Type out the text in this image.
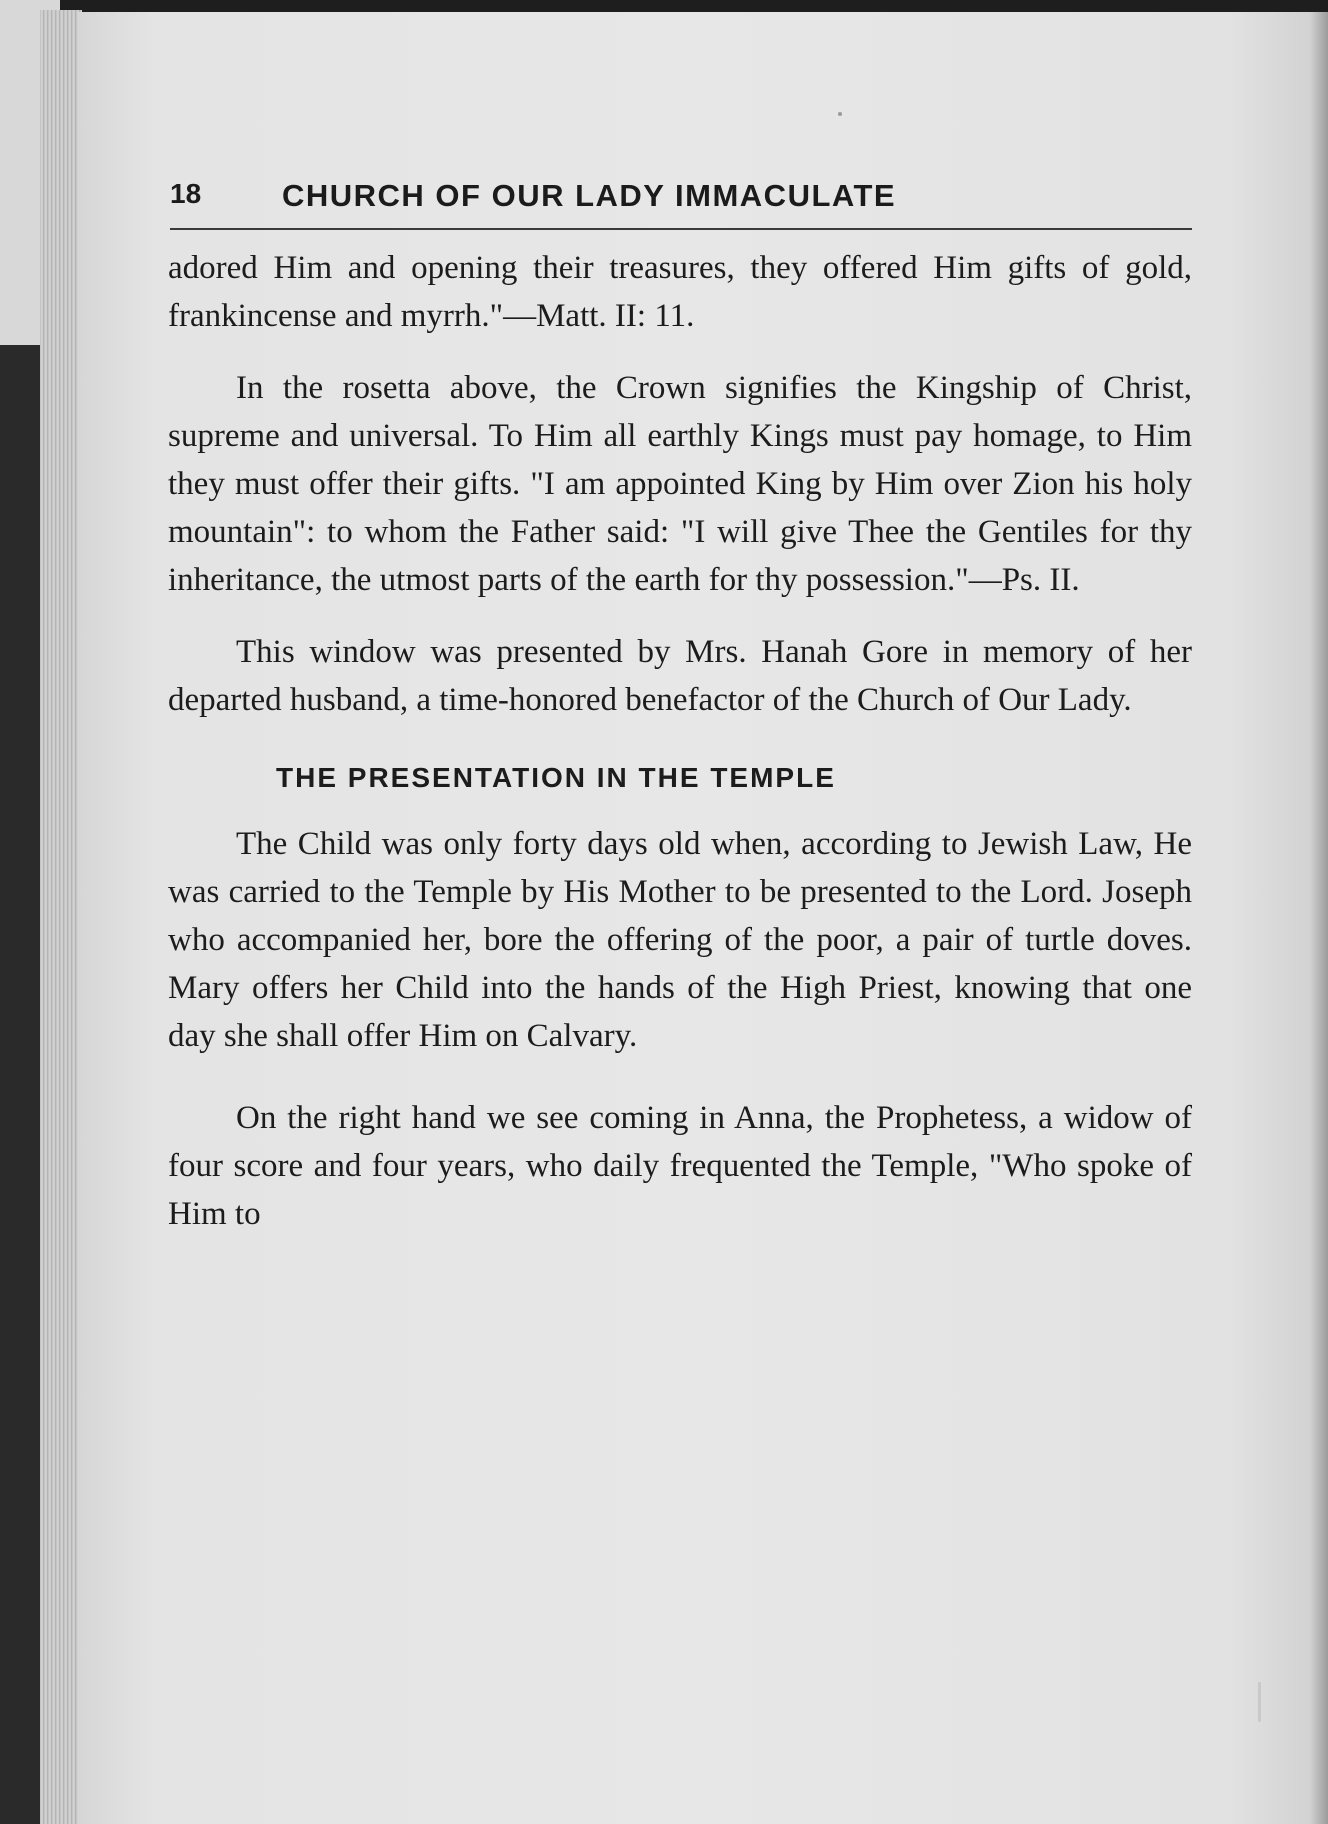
18	CHURCH OF OUR LADY IMMACULATE

adored Him and opening their treasures, they offered Him gifts of gold, frankincense and myrrh."—Matt. II: 11.

In the rosetta above, the Crown signifies the Kingship of Christ, supreme and universal. To Him all earthly Kings must pay homage, to Him they must offer their gifts. "I am appointed King by Him over Zion his holy mountain": to whom the Father said: "I will give Thee the Gentiles for thy inheritance, the utmost parts of the earth for thy possession."—Ps. II.

This window was presented by Mrs. Hanah Gore in memory of her departed husband, a time-honored benefactor of the Church of Our Lady.

THE PRESENTATION IN THE TEMPLE

The Child was only forty days old when, according to Jewish Law, He was carried to the Temple by His Mother to be presented to the Lord. Joseph who accompanied her, bore the offering of the poor, a pair of turtle doves. Mary offers her Child into the hands of the High Priest, knowing that one day she shall offer Him on Calvary.

On the right hand we see coming in Anna, the Prophetess, a widow of four score and four years, who daily frequented the Temple, "Who spoke of Him to
